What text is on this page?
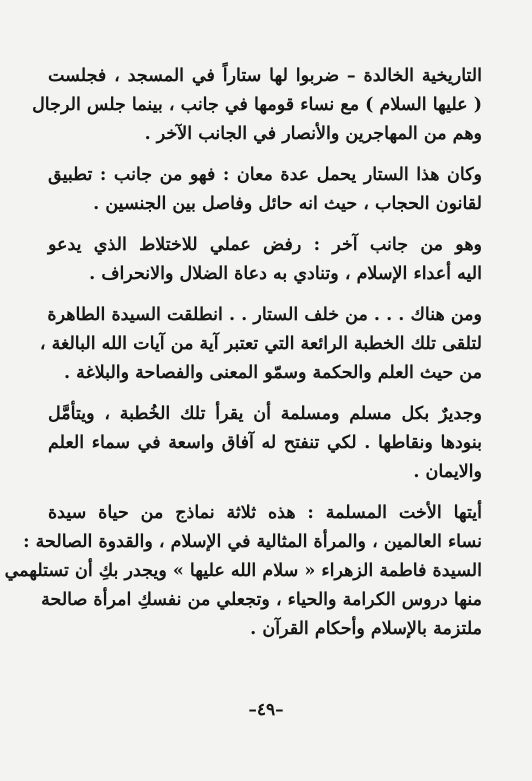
التاريخية الخالدة – ضربوا لها ستاراً في المسجد ، فجلست
( عليها السلام ) مع نساء قومها في جانب ، بينما جلس الرجال
وهم من المهاجرين والأنصار في الجانب الآخر .
وكان هذا الستار يحمل عدة معان : فهو من جانب : تطبيق
لقانون الحجاب ، حيث انه حائل وفاصل بين الجنسين .
وهو من جانب آخر : رفض عملي للاختلاط الذي يدعو
اليه أعداء الإسلام ، وتنادي به دعاة الضلال والانحراف .
ومن هناك . . . من خلف الستار . . انطلقت السيدة الطاهرة
لتلقى تلك الخطبة الرائعة التي تعتبر آية من آيات الله البالغة ،
من حيث العلم والحكمة وسمّو المعنى والفصاحة والبلاغة .
وجديرٌ بكل مسلم ومسلمة أن يقرأ تلك الخُطبة ، ويتأمَّل
بنودها ونقاطها . لكي تنفتح له آفاق واسعة في سماء العلم
والايمان .
أيتها الأخت المسلمة : هذه ثلاثة نماذج من حياة سيدة
نساء العالمين ، والمرأة المثالية في الإسلام ، والقدوة الصالحة :
السيدة فاطمة الزهراء « سلام الله عليها » ويجدر بكِ أن تستلهمي
منها دروس الكرامة والحياء ، وتجعلي من نفسكِ امرأة صالحة
ملتزمة بالإسلام وأحكام القرآن .
–٤٩–
